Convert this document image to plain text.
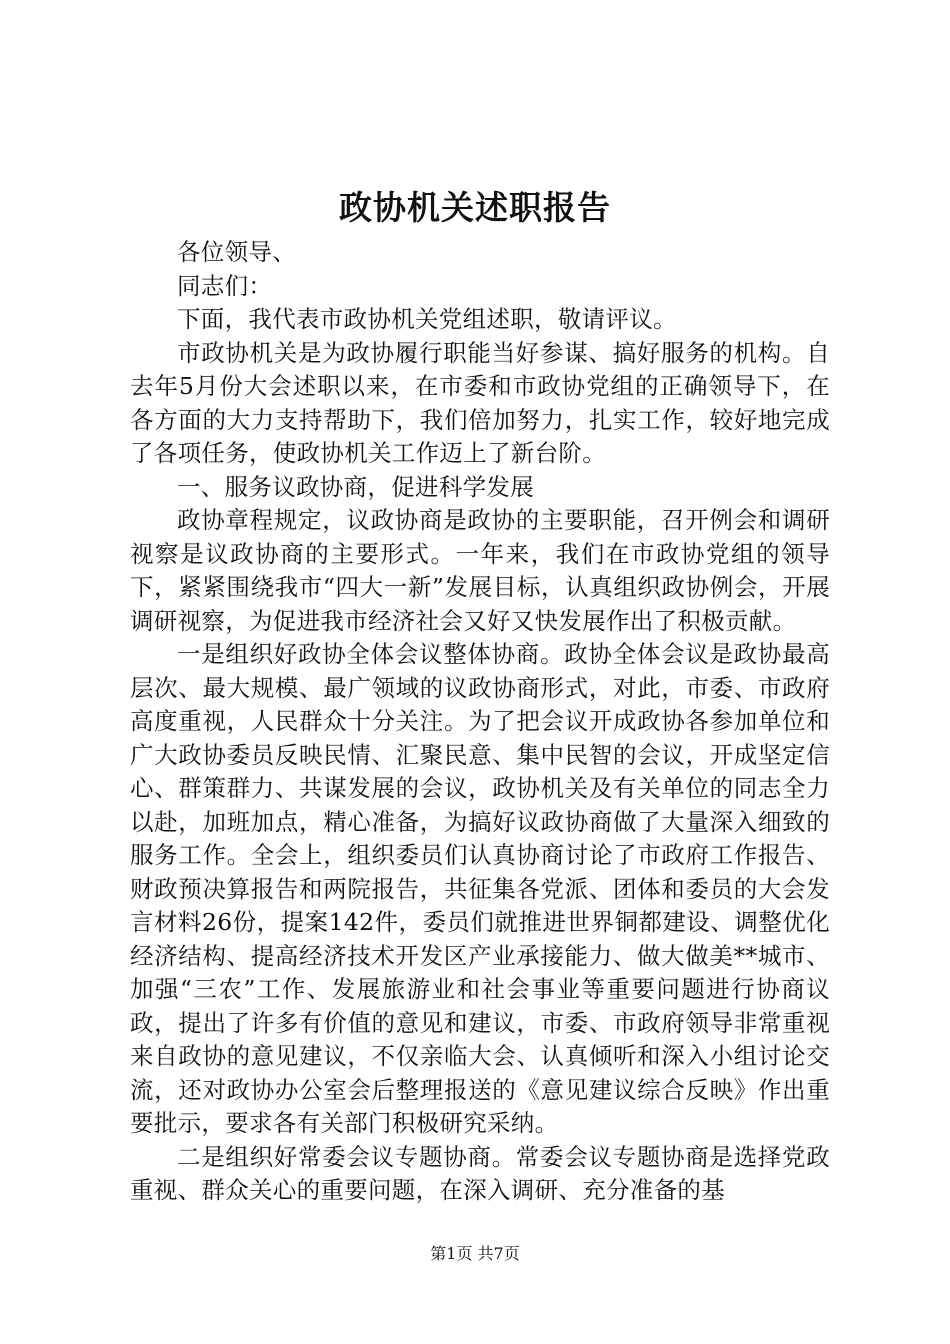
政协机关述职报告

各位领导、

同志们：

下面，我代表市政协机关党组述职，敬请评议。

市政协机关是为政协履行职能当好参谋、搞好服务的机构。自去年5月份大会述职以来，在市委和市政协党组的正确领导下，在各方面的大力支持帮助下，我们倍加努力，扎实工作，较好地完成了各项任务，使政协机关工作迈上了新台阶。

一、服务议政协商，促进科学发展

政协章程规定，议政协商是政协的主要职能，召开例会和调研视察是议政协商的主要形式。一年来，我们在市政协党组的领导下，紧紧围绕我市“四大一新”发展目标，认真组织政协例会，开展调研视察，为促进我市经济社会又好又快发展作出了积极贡献。

一是组织好政协全体会议整体协商。政协全体会议是政协最高层次、最大规模、最广领域的议政协商形式，对此，市委、市政府高度重视，人民群众十分关注。为了把会议开成政协各参加单位和广大政协委员反映民情、汇聚民意、集中民智的会议，开成坚定信心、群策群力、共谋发展的会议，政协机关及有关单位的同志全力以赴，加班加点，精心准备，为搞好议政协商做了大量深入细致的服务工作。全会上，组织委员们认真协商讨论了市政府工作报告、财政预决算报告和两院报告，共征集各党派、团体和委员的大会发言材料26份，提案142件，委员们就推进世界铜都建设、调整优化经济结构、提高经济技术开发区产业承接能力、做大做美**城市、加强“三农”工作、发展旅游业和社会事业等重要问题进行协商议政，提出了许多有价值的意见和建议，市委、市政府领导非常重视来自政协的意见建议，不仅亲临大会、认真倾听和深入小组讨论交流，还对政协办公室会后整理报送的《意见建议综合反映》作出重要批示，要求各有关部门积极研究采纳。

二是组织好常委会议专题协商。常委会议专题协商是选择党政重视、群众关心的重要问题，在深入调研、充分准备的基

第1页 共7页
